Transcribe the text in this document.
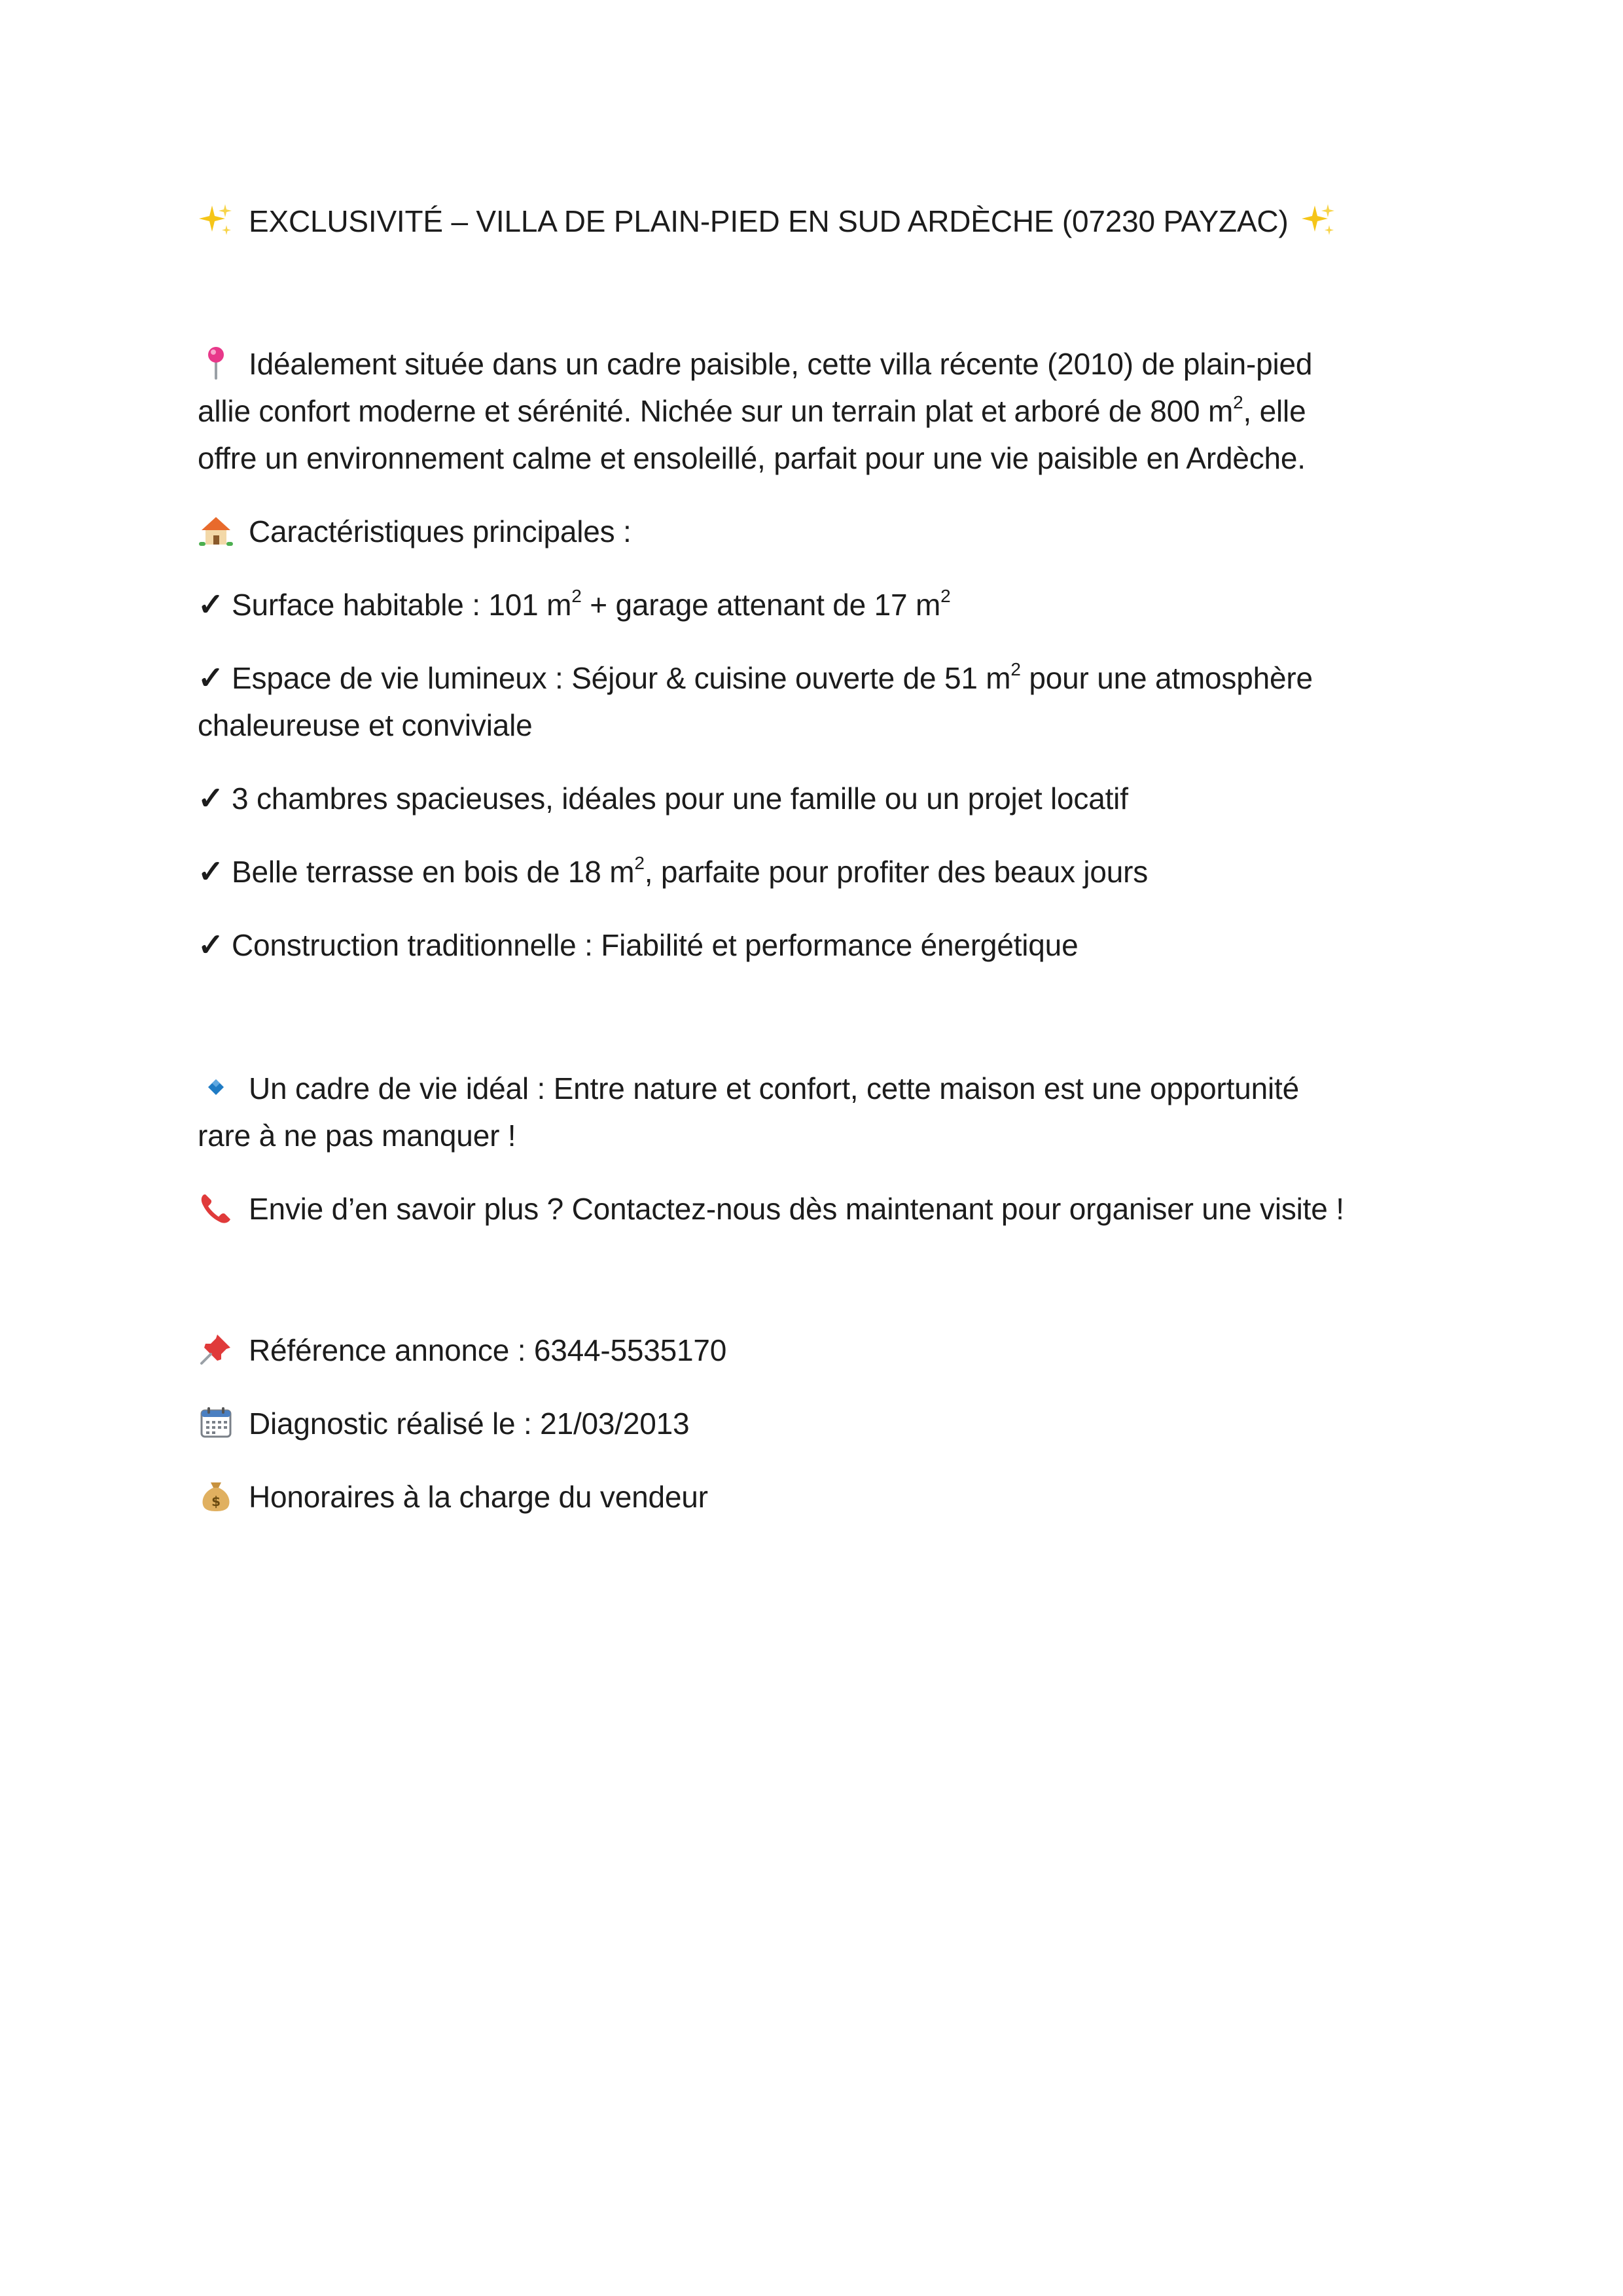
EXCLUSIVITÉ – VILLA DE PLAIN-PIED EN SUD ARDÈCHE (07230 PAYZAC)
Idéalement située dans un cadre paisible, cette villa récente (2010) de plain-pied
allie confort moderne et sérénité. Nichée sur un terrain plat et arboré de 800 $m^2$, elle
offre un environnement calme et ensoleillé, parfait pour une vie paisible en Ardèche.
Caractéristiques principales :
✓ Surface habitable : 101 $m^2$ + garage attenant de 17 $m^2$
✓ Espace de vie lumineux : Séjour & cuisine ouverte de 51 $m^2$ pour une atmosphère
chaleureuse et conviviale
✓ 3 chambres spacieuses, idéales pour une famille ou un projet locatif
✓ Belle terrasse en bois de 18 $m^2$, parfaite pour profiter des beaux jours
✓ Construction traditionnelle : Fiabilité et performance énergétique
Un cadre de vie idéal : Entre nature et confort, cette maison est une opportunité
rare à ne pas manquer !
Envie d’en savoir plus ? Contactez-nous dès maintenant pour organiser une visite !
Référence annonce : 6344-5535170
Diagnostic réalisé le : 21/03/2013
$ Honoraires à la charge du vendeur
